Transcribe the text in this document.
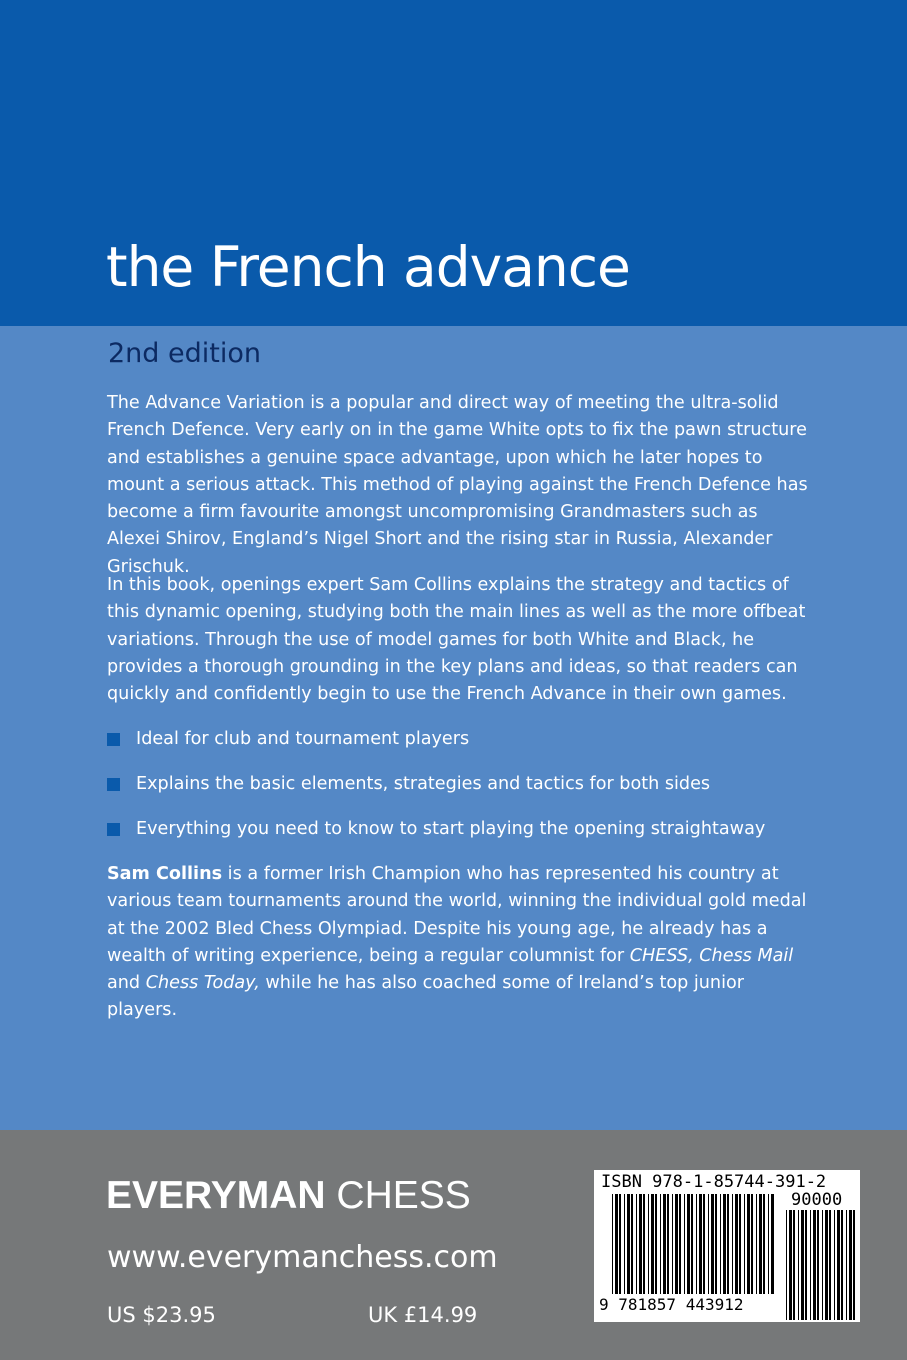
the French advance
2nd edition

The Advance Variation is a popular and direct way of meeting the ultra-solid French Defence. Very early on in the game White opts to fix the pawn structure and establishes a genuine space advantage, upon which he later hopes to mount a serious attack. This method of playing against the French Defence has become a firm favourite amongst uncompromising Grandmasters such as Alexei Shirov, England’s Nigel Short and the rising star in Russia, Alexander Grischuk.

In this book, openings expert Sam Collins explains the strategy and tactics of this dynamic opening, studying both the main lines as well as the more offbeat variations. Through the use of model games for both White and Black, he provides a thorough grounding in the key plans and ideas, so that readers can quickly and confidently begin to use the French Advance in their own games.

Ideal for club and tournament players
Explains the basic elements, strategies and tactics for both sides
Everything you need to know to start playing the opening straightaway

Sam Collins is a former Irish Champion who has represented his country at various team tournaments around the world, winning the individual gold medal at the 2002 Bled Chess Olympiad. Despite his young age, he already has a wealth of writing experience, being a regular columnist for CHESS, Chess Mail and Chess Today, while he has also coached some of Ireland’s top junior players.

EVERYMAN CHESS
www.everymanchess.com
US $23.95	UK £14.99
ISBN 978-1-85744-391-2
90000
9 781857 443912
